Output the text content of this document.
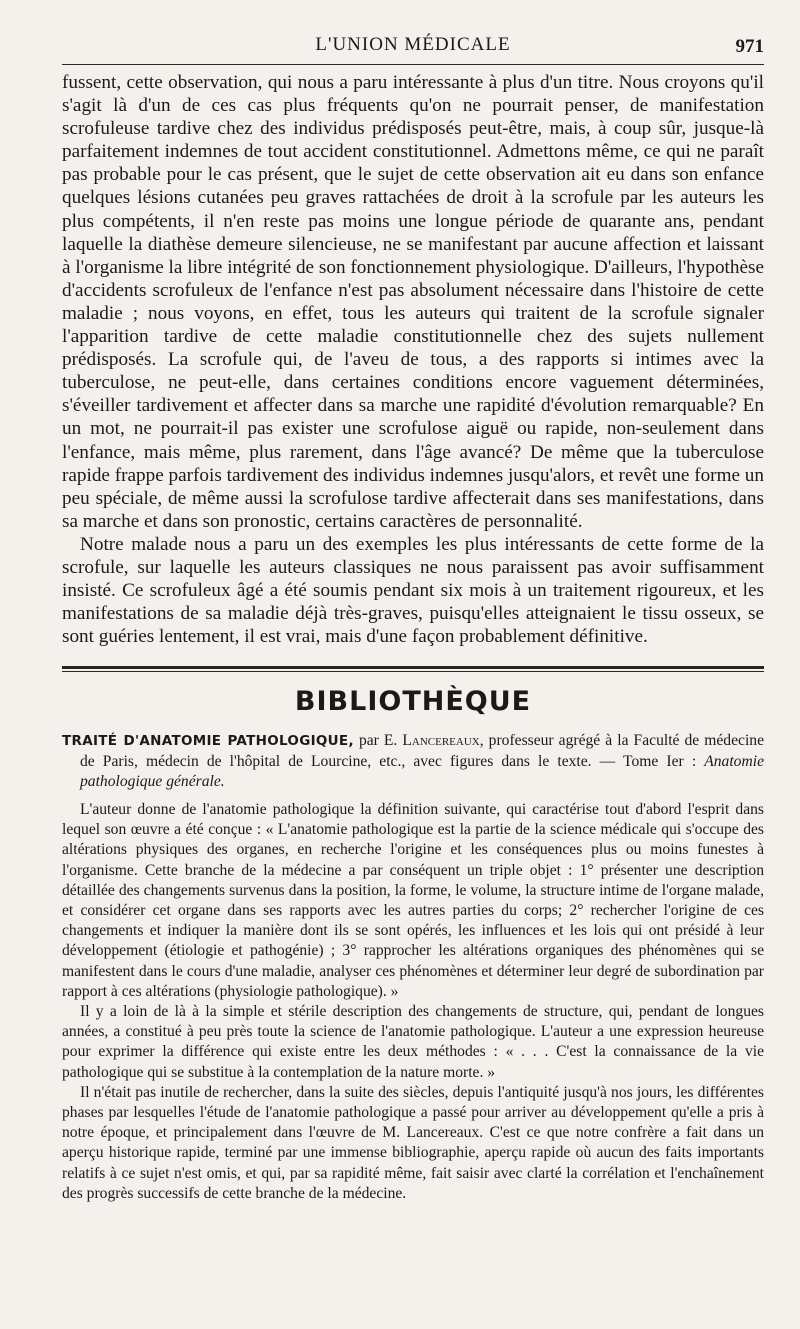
L'UNION MÉDICALE	971

fussent, cette observation, qui nous a paru intéressante à plus d'un titre. Nous croyons qu'il s'agit là d'un de ces cas plus fréquents qu'on ne pourrait penser, de manifestation scrofuleuse tardive chez des individus prédisposés peut-être, mais, à coup sûr, jusque-là parfaitement indemnes de tout accident constitutionnel. Admettons même, ce qui ne paraît pas probable pour le cas présent, que le sujet de cette observation ait eu dans son enfance quelques lésions cutanées peu graves rattachées de droit à la scrofule par les auteurs les plus compétents, il n'en reste pas moins une longue période de quarante ans, pendant laquelle la diathèse demeure silencieuse, ne se manifestant par aucune affection et laissant à l'organisme la libre intégrité de son fonctionnement physiologique. D'ailleurs, l'hypothèse d'accidents scrofuleux de l'enfance n'est pas absolument nécessaire dans l'histoire de cette maladie ; nous voyons, en effet, tous les auteurs qui traitent de la scrofule signaler l'apparition tardive de cette maladie constitutionnelle chez des sujets nullement prédisposés. La scrofule qui, de l'aveu de tous, a des rapports si intimes avec la tuberculose, ne peut-elle, dans certaines conditions encore vaguement déterminées, s'éveiller tardivement et affecter dans sa marche une rapidité d'évolution remarquable? En un mot, ne pourrait-il pas exister une scrofulose aiguë ou rapide, non-seulement dans l'enfance, mais même, plus rarement, dans l'âge avancé? De même que la tuberculose rapide frappe parfois tardivement des individus indemnes jusqu'alors, et revêt une forme un peu spéciale, de même aussi la scrofulose tardive affecterait dans ses manifestations, dans sa marche et dans son pronostic, certains caractères de personnalité.

Notre malade nous a paru un des exemples les plus intéressants de cette forme de la scrofule, sur laquelle les auteurs classiques ne nous paraissent pas avoir suffisamment insisté. Ce scrofuleux âgé a été soumis pendant six mois à un traitement rigoureux, et les manifestations de sa maladie déjà très-graves, puisqu'elles atteignaient le tissu osseux, se sont guéries lentement, il est vrai, mais d'une façon probablement définitive.

BIBLIOTHÈQUE

TRAITÉ D'ANATOMIE PATHOLOGIQUE, par E. Lancereaux, professeur agrégé à la Faculté de médecine de Paris, médecin de l'hôpital de Lourcine, etc., avec figures dans le texte. — Tome Ier : Anatomie pathologique générale.

L'auteur donne de l'anatomie pathologique la définition suivante, qui caractérise tout d'abord l'esprit dans lequel son œuvre a été conçue : « L'anatomie pathologique est la partie de la science médicale qui s'occupe des altérations physiques des organes, en recherche l'origine et les conséquences plus ou moins funestes à l'organisme. Cette branche de la médecine a par conséquent un triple objet : 1° présenter une description détaillée des changements survenus dans la position, la forme, le volume, la structure intime de l'organe malade, et considérer cet organe dans ses rapports avec les autres parties du corps; 2° rechercher l'origine de ces changements et indiquer la manière dont ils se sont opérés, les influences et les lois qui ont présidé à leur développement (étiologie et pathogénie) ; 3° rapprocher les altérations organiques des phénomènes qui se manifestent dans le cours d'une maladie, analyser ces phénomènes et déterminer leur degré de subordination par rapport à ces altérations (physiologie pathologique). »

Il y a loin de là à la simple et stérile description des changements de structure, qui, pendant de longues années, a constitué à peu près toute la science de l'anatomie pathologique. L'auteur a une expression heureuse pour exprimer la différence qui existe entre les deux méthodes : « . . . C'est la connaissance de la vie pathologique qui se substitue à la contemplation de la nature morte. »

Il n'était pas inutile de rechercher, dans la suite des siècles, depuis l'antiquité jusqu'à nos jours, les différentes phases par lesquelles l'étude de l'anatomie pathologique a passé pour arriver au développement qu'elle a pris à notre époque, et principalement dans l'œuvre de M. Lancereaux. C'est ce que notre confrère a fait dans un aperçu historique rapide, terminé par une immense bibliographie, aperçu rapide où aucun des faits importants relatifs à ce sujet n'est omis, et qui, par sa rapidité même, fait saisir avec clarté la corrélation et l'enchaînement des progrès successifs de cette branche de la médecine.
